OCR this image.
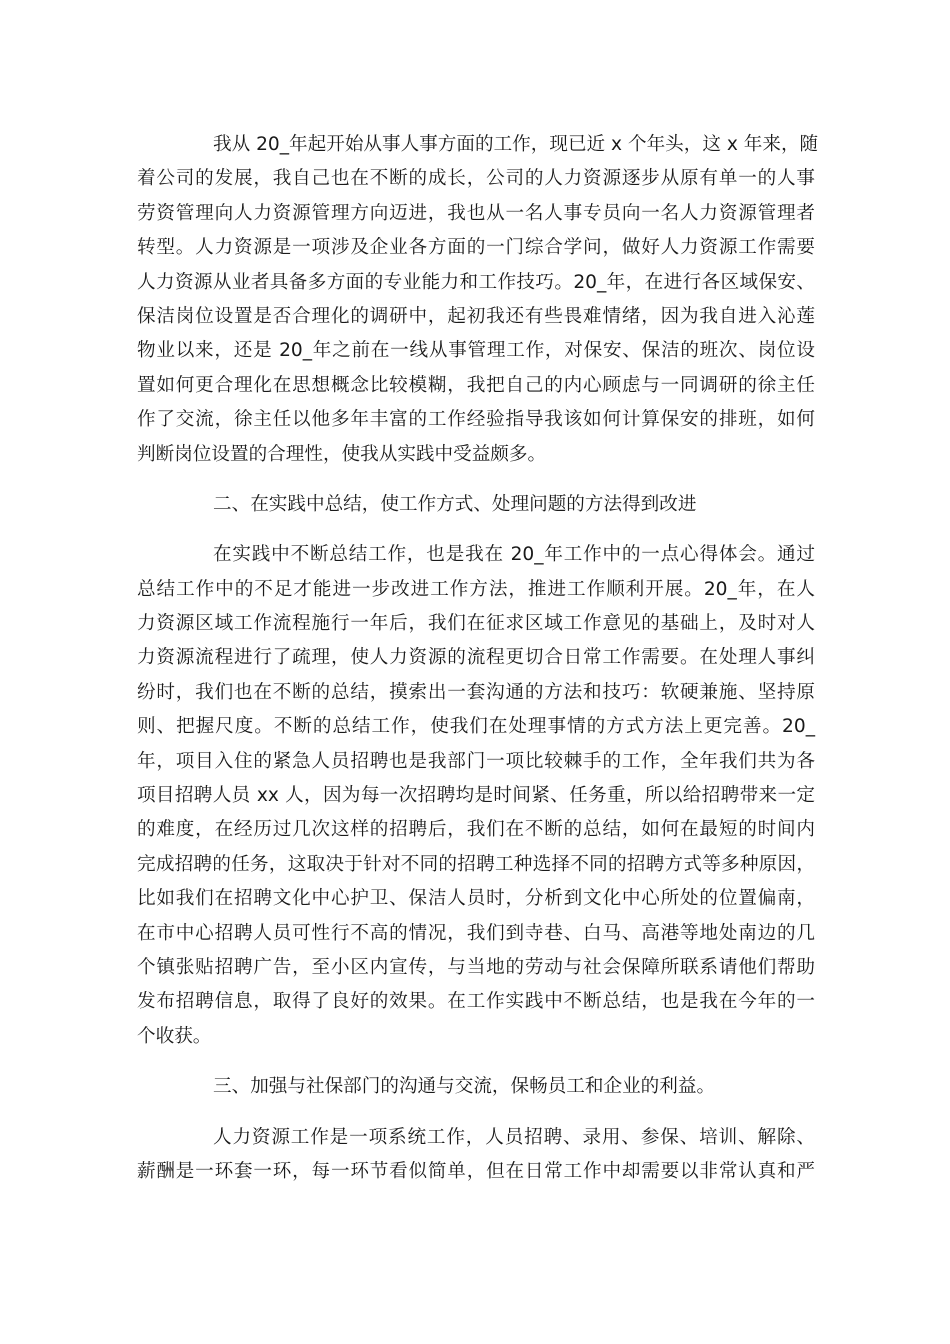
我从 20_年起开始从事人事方面的工作，现已近 x 个年头，这 x 年来，随
着公司的发展，我自己也在不断的成长，公司的人力资源逐步从原有单一的人事
劳资管理向人力资源管理方向迈进，我也从一名人事专员向一名人力资源管理者
转型。人力资源是一项涉及企业各方面的一门综合学问，做好人力资源工作需要
人力资源从业者具备多方面的专业能力和工作技巧。20_年，在进行各区域保安、
保洁岗位设置是否合理化的调研中，起初我还有些畏难情绪，因为我自进入沁莲
物业以来，还是 20_年之前在一线从事管理工作，对保安、保洁的班次、岗位设
置如何更合理化在思想概念比较模糊，我把自己的内心顾虑与一同调研的徐主任
作了交流，徐主任以他多年丰富的工作经验指导我该如何计算保安的排班，如何
判断岗位设置的合理性，使我从实践中受益颇多。

二、在实践中总结，使工作方式、处理问题的方法得到改进

在实践中不断总结工作，也是我在 20_年工作中的一点心得体会。通过
总结工作中的不足才能进一步改进工作方法，推进工作顺利开展。20_年，在人
力资源区域工作流程施行一年后，我们在征求区域工作意见的基础上，及时对人
力资源流程进行了疏理，使人力资源的流程更切合日常工作需要。在处理人事纠
纷时，我们也在不断的总结，摸索出一套沟通的方法和技巧：软硬兼施、坚持原
则、把握尺度。不断的总结工作，使我们在处理事情的方式方法上更完善。20_
年，项目入住的紧急人员招聘也是我部门一项比较棘手的工作，全年我们共为各
项目招聘人员 xx 人，因为每一次招聘均是时间紧、任务重，所以给招聘带来一定
的难度，在经历过几次这样的招聘后，我们在不断的总结，如何在最短的时间内
完成招聘的任务，这取决于针对不同的招聘工种选择不同的招聘方式等多种原因，
比如我们在招聘文化中心护卫、保洁人员时，分析到文化中心所处的位置偏南，
在市中心招聘人员可性行不高的情况，我们到寺巷、白马、高港等地处南边的几
个镇张贴招聘广告，至小区内宣传，与当地的劳动与社会保障所联系请他们帮助
发布招聘信息，取得了良好的效果。在工作实践中不断总结，也是我在今年的一
个收获。

三、加强与社保部门的沟通与交流，保畅员工和企业的利益。

人力资源工作是一项系统工作，人员招聘、录用、参保、培训、解除、
薪酬是一环套一环，每一环节看似简单，但在日常工作中却需要以非常认真和严
